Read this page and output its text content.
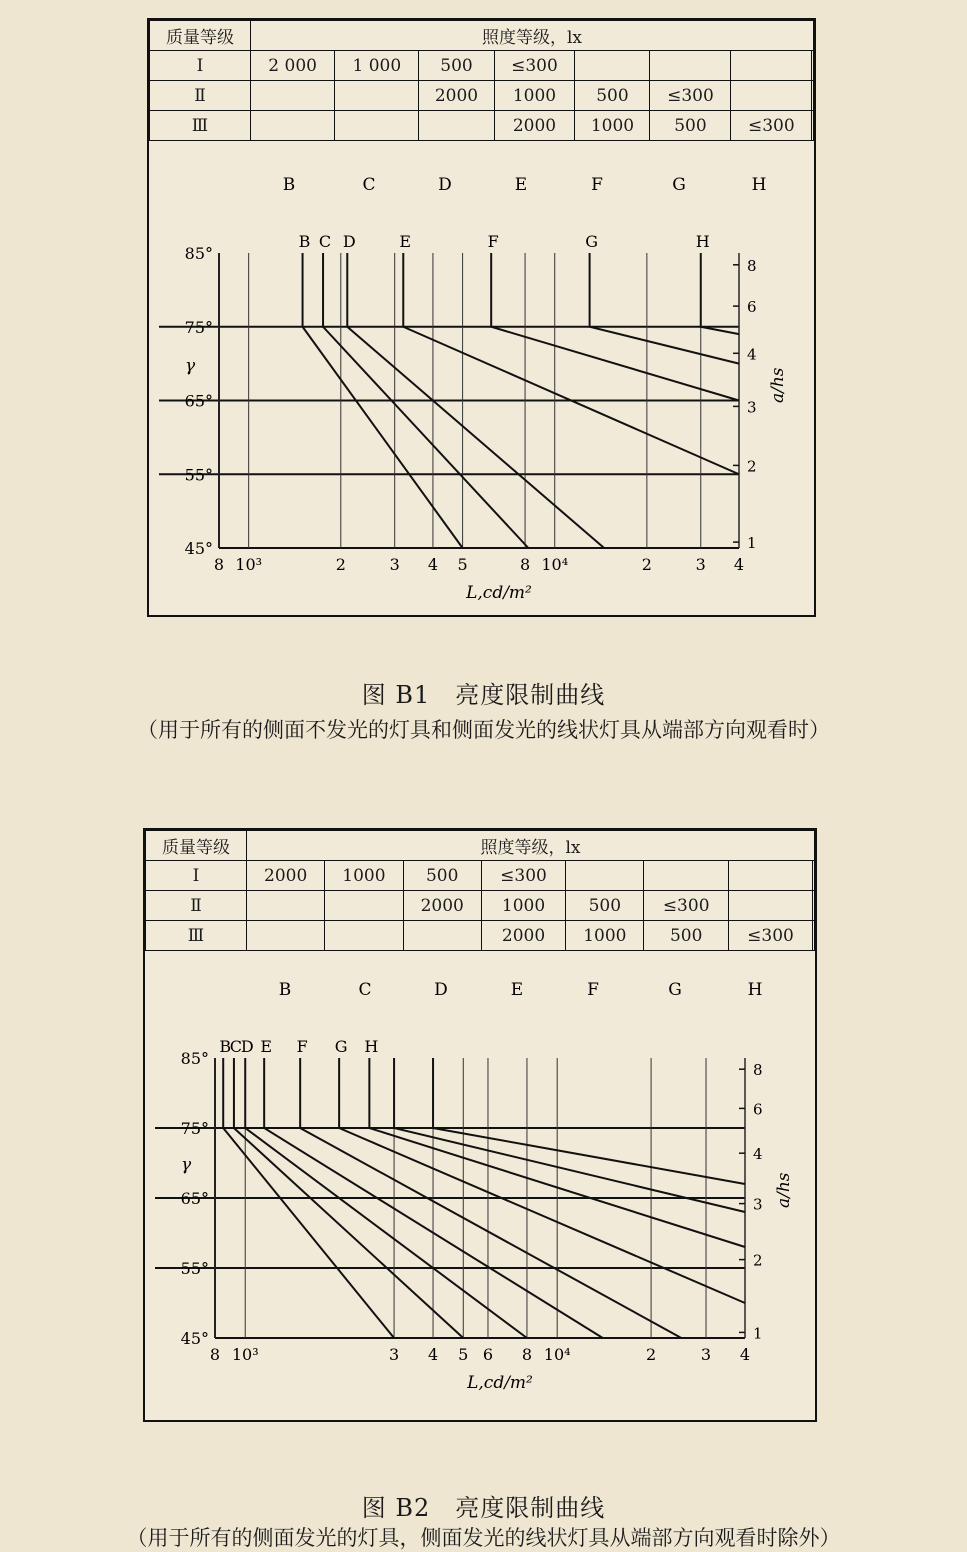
质量等级	照度等级，lx							
I	2 000	1 000	500	≤300				
Ⅱ			2000	1000	500	≤300		
Ⅲ				2000	1000	500	≤300	
45°
55°
65°
75°
85°
γ
8 10³	2	3 4 5	8 10⁴	2	3 4
L,cd/m²
1
2
3
4
6
8
a/hs
B	C	D	E	F	G	H
B C D	E	F	G	H
图 B1　亮度限制曲线
（用于所有的侧面不发光的灯具和侧面发光的线状灯具从端部方向观看时）
质量等级	照度等级，lx							
I	2000	1000	500	≤300				
Ⅱ			2000	1000	500	≤300		
Ⅲ				2000	1000	500	≤300	
45°
55°
65°
75°
85°
γ
8 10³	3 4 5 6 8 10⁴	2	3 4
L,cd/m²
1
2
3
4
6
8
a/hs
B	C	D	E	F	G	H
B
C
D E F G H
图 B2　亮度限制曲线
（用于所有的侧面发光的灯具，侧面发光的线状灯具从端部方向观看时除外）
